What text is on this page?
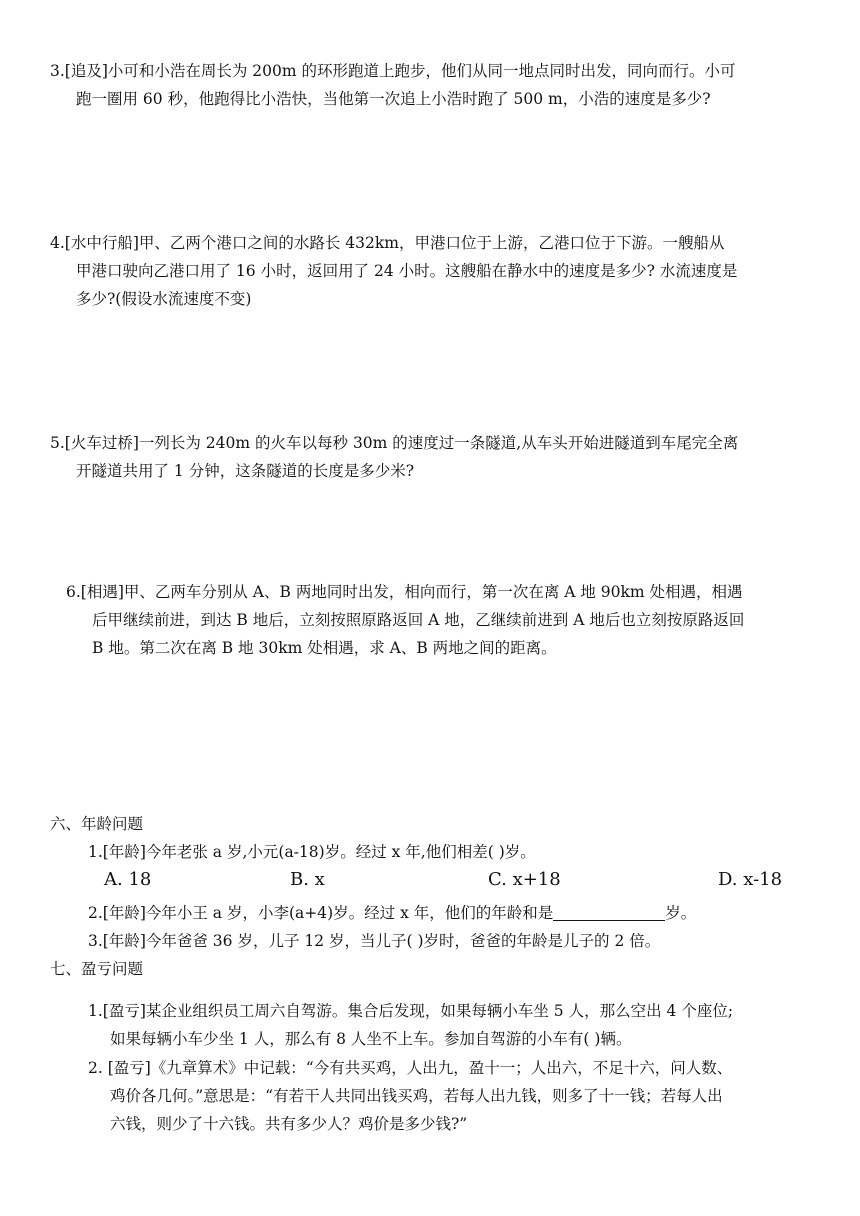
3.[追及]小可和小浩在周长为 200m 的环形跑道上跑步，他们从同一地点同时出发，同向而行。小可
跑一圈用 60 秒，他跑得比小浩快，当他第一次追上小浩时跑了 500 m，小浩的速度是多少?
4.[水中行船]甲、乙两个港口之间的水路长 432km，甲港口位于上游，乙港口位于下游。一艘船从
甲港口驶向乙港口用了 16 小时，返回用了 24 小时。这艘船在静水中的速度是多少? 水流速度是
多少?(假设水流速度不变)
5.[火车过桥]一列长为 240m 的火车以每秒 30m 的速度过一条隧道,从车头开始进隧道到车尾完全离
开隧道共用了 1 分钟，这条隧道的长度是多少米?
6.[相遇]甲、乙两车分别从 A、B 两地同时出发，相向而行，第一次在离 A 地 90km 处相遇，相遇
后甲继续前进，到达 B 地后，立刻按照原路返回 A 地，乙继续前进到 A 地后也立刻按原路返回
B 地。第二次在离 B 地 30km 处相遇，求 A、B 两地之间的距离。
六、年龄问题
1.[年龄]今年老张 a 岁,小元(a-18)岁。经过 x 年,他们相差( )岁。
A. 18	B. x	C. x+18	D. x-18
2.[年龄]今年小王 a 岁，小李(a+4)岁。经过 x 年，他们的年龄和是	岁。
3.[年龄]今年爸爸 36 岁，儿子 12 岁，当儿子( )岁时，爸爸的年龄是儿子的 2 倍。
七、盈亏问题
1.[盈亏]某企业组织员工周六自驾游。集合后发现，如果每辆小车坐 5 人，那么空出 4 个座位;
如果每辆小车少坐 1 人，那么有 8 人坐不上车。参加自驾游的小车有( )辆。
2. [盈亏]《九章算术》中记载：“今有共买鸡，人出九，盈十一；人出六，不足十六，问人数、
鸡价各几何。”意思是：“有若干人共同出钱买鸡，若每人出九钱，则多了十一钱；若每人出
六钱，则少了十六钱。共有多少人？鸡价是多少钱?”
